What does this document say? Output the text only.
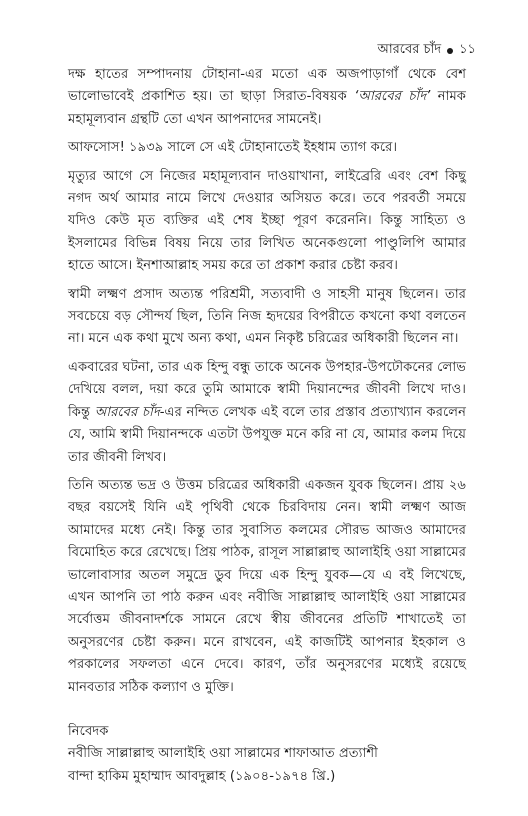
আরবের চাঁদ ১১

দক্ষ হাতের সম্পাদনায় টোহানা-এর মতো এক অজপাড়াগাঁ থেকে বেশ ভালোভাবেই প্রকাশিত হয়। তা ছাড়া সিরাত-বিষয়ক ‘আরবের চাঁদ’ নামক মহামূল্যবান গ্রন্থটি তো এখন আপনাদের সামনেই।

আফসোস! ১৯৩৯ সালে সে এই টোহানাতেই ইহধাম ত্যাগ করে।

মৃত্যুর আগে সে নিজের মহামূল্যবান দাওয়াখানা, লাইব্রেরি এবং বেশ কিছু নগদ অর্থ আমার নামে লিখে দেওয়ার অসিয়ত করে। তবে পরবর্তী সময়ে যদিও কেউ মৃত ব্যক্তির এই শেষ ইচ্ছা পূরণ করেননি। কিন্তু সাহিত্য ও ইসলামের বিভিন্ন বিষয় নিয়ে তার লিখিত অনেকগুলো পাণ্ডুলিপি আমার হাতে আসে। ইনশাআল্লাহ সময় করে তা প্রকাশ করার চেষ্টা করব।

স্বামী লক্ষ্মণ প্রসাদ অত্যন্ত পরিশ্রমী, সত্যবাদী ও সাহসী মানুষ ছিলেন। তার সবচেয়ে বড় সৌন্দর্য ছিল, তিনি নিজ হৃদয়ের বিপরীতে কখনো কথা বলতেন না। মনে এক কথা মুখে অন্য কথা, এমন নিকৃষ্ট চরিত্রের অধিকারী ছিলেন না।

একবারের ঘটনা, তার এক হিন্দু বন্ধু তাকে অনেক উপহার-উপঢৌকনের লোভ দেখিয়ে বলল, দয়া করে তুমি আমাকে স্বামী দিয়ানন্দের জীবনী লিখে দাও। কিন্তু আরবের চাঁদ-এর নন্দিত লেখক এই বলে তার প্রস্তাব প্রত্যাখ্যান করলেন যে, আমি স্বামী দিয়ানন্দকে এতটা উপযুক্ত মনে করি না যে, আমার কলম দিয়ে তার জীবনী লিখব।

তিনি অত্যন্ত ভদ্র ও উত্তম চরিত্রের অধিকারী একজন যুবক ছিলেন। প্রায় ২৬ বছর বয়সেই যিনি এই পৃথিবী থেকে চিরবিদায় নেন। স্বামী লক্ষ্মণ আজ আমাদের মধ্যে নেই। কিন্তু তার সুবাসিত কলমের সৌরভ আজও আমাদের বিমোহিত করে রেখেছে। প্রিয় পাঠক, রাসূল সাল্লাল্লাহু আলাইহি ওয়া সাল্লামের ভালোবাসার অতল সমুদ্রে ডুব দিয়ে এক হিন্দু যুবক—যে এ বই লিখেছে, এখন আপনি তা পাঠ করুন এবং নবীজি সাল্লাল্লাহু আলাইহি ওয়া সাল্লামের সর্বোত্তম জীবনাদর্শকে সামনে রেখে স্বীয় জীবনের প্রতিটি শাখাতেই তা অনুসরণের চেষ্টা করুন। মনে রাখবেন, এই কাজটিই আপনার ইহকাল ও পরকালের সফলতা এনে দেবে। কারণ, তাঁর অনুসরণের মধ্যেই রয়েছে মানবতার সঠিক কল্যাণ ও মুক্তি।

নিবেদক
নবীজি সাল্লাল্লাহু আলাইহি ওয়া সাল্লামের শাফাআত প্রত্যাশী
বান্দা হাকিম মুহাম্মাদ আবদুল্লাহ (১৯০৪-১৯৭৪ খ্রি.)
